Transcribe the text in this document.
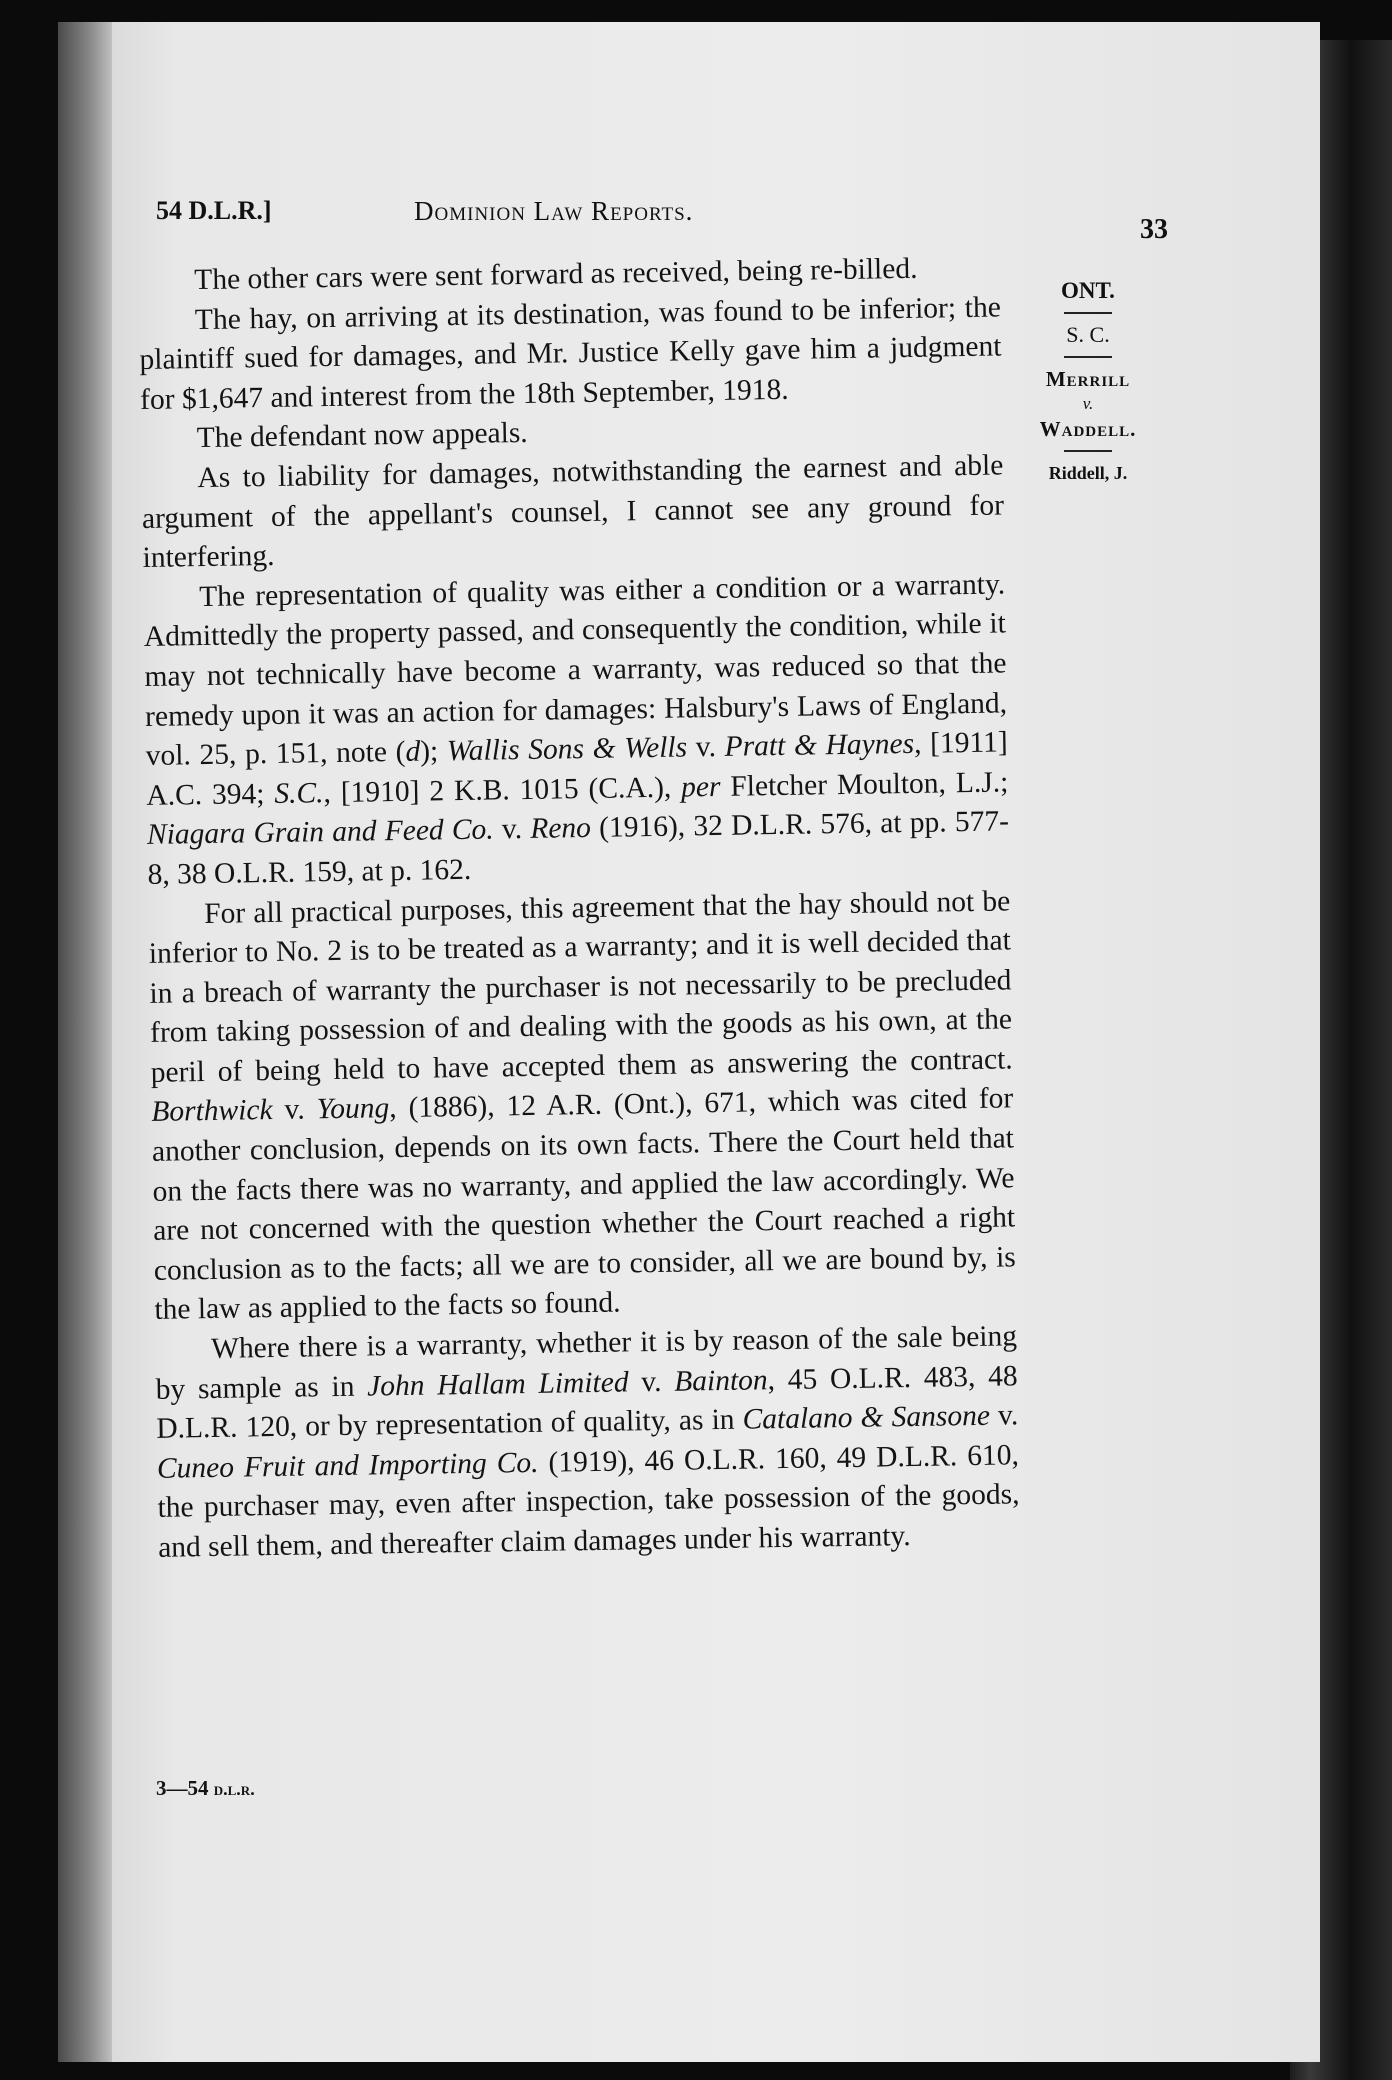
54 D.L.R.]	Dominion Law Reports.
33
ONT.
S. C.
Merrill
v.
Waddell.
Riddell, J.

The other cars were sent forward as received, being re-billed.

The hay, on arriving at its destination, was found to be inferior; the plaintiff sued for damages, and Mr. Justice Kelly gave him a judgment for $1,647 and interest from the 18th September, 1918.

The defendant now appeals.

As to liability for damages, notwithstanding the earnest and able argument of the appellant's counsel, I cannot see any ground for interfering.

The representation of quality was either a condition or a warranty. Admittedly the property passed, and consequently the condition, while it may not technically have become a warranty, was reduced so that the remedy upon it was an action for damages: Halsbury's Laws of England, vol. 25, p. 151, note (d); Wallis Sons & Wells v. Pratt & Haynes, [1911] A.C. 394; S.C., [1910] 2 K.B. 1015 (C.A.), per Fletcher Moulton, L.J.; Niagara Grain and Feed Co. v. Reno (1916), 32 D.L.R. 576, at pp. 577-8, 38 O.L.R. 159, at p. 162.

For all practical purposes, this agreement that the hay should not be inferior to No. 2 is to be treated as a warranty; and it is well decided that in a breach of warranty the purchaser is not necessarily to be precluded from taking possession of and dealing with the goods as his own, at the peril of being held to have accepted them as answering the contract. Borthwick v. Young, (1886), 12 A.R. (Ont.), 671, which was cited for another conclusion, depends on its own facts. There the Court held that on the facts there was no warranty, and applied the law accordingly. We are not concerned with the question whether the Court reached a right conclusion as to the facts; all we are to consider, all we are bound by, is the law as applied to the facts so found.

Where there is a warranty, whether it is by reason of the sale being by sample as in John Hallam Limited v. Bainton, 45 O.L.R. 483, 48 D.L.R. 120, or by representation of quality, as in Catalano & Sansone v. Cuneo Fruit and Importing Co. (1919), 46 O.L.R. 160, 49 D.L.R. 610, the purchaser may, even after inspection, take possession of the goods, and sell them, and thereafter claim damages under his warranty.

3—54 d.l.r.
